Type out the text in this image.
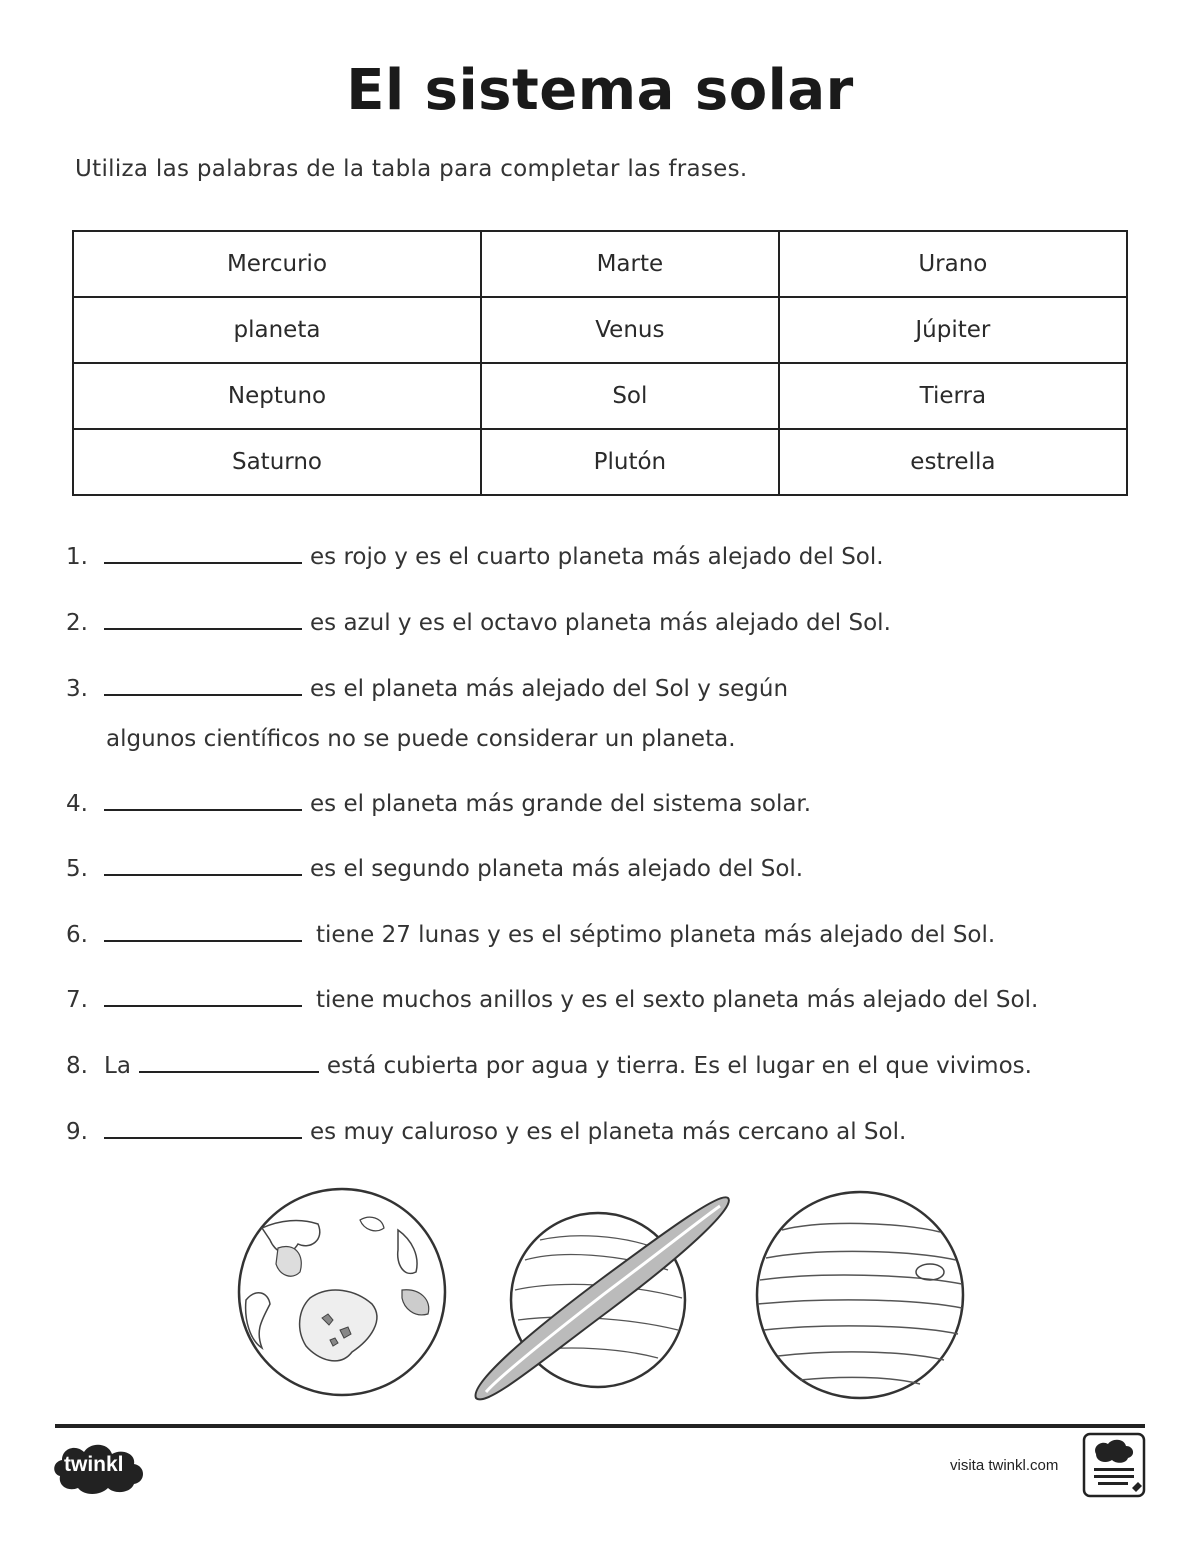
El sistema solar
Utiliza las palabras de la tabla para completar las frases.
Mercurio	Marte	Urano
planeta	Venus	Júpiter
Neptuno	Sol	Tierra
Saturno	Plutón	estrella
1.	es rojo y es el cuarto planeta más alejado del Sol.
2.	es azul y es el octavo planeta más alejado del Sol.
3.	es el planeta más alejado del Sol y según
algunos científicos no se puede considerar un planeta.
4.	es el planeta más grande del sistema solar.
5.	es el segundo planeta más alejado del Sol.
6.	tiene 27 lunas y es el séptimo planeta más alejado del Sol.
7.	tiene muchos anillos y es el sexto planeta más alejado del Sol.
8. La	está cubierta por agua y tierra. Es el lugar en el que vivimos.
9.	es muy caluroso y es el planeta más cercano al Sol.
twinkl	visita twinkl.com
